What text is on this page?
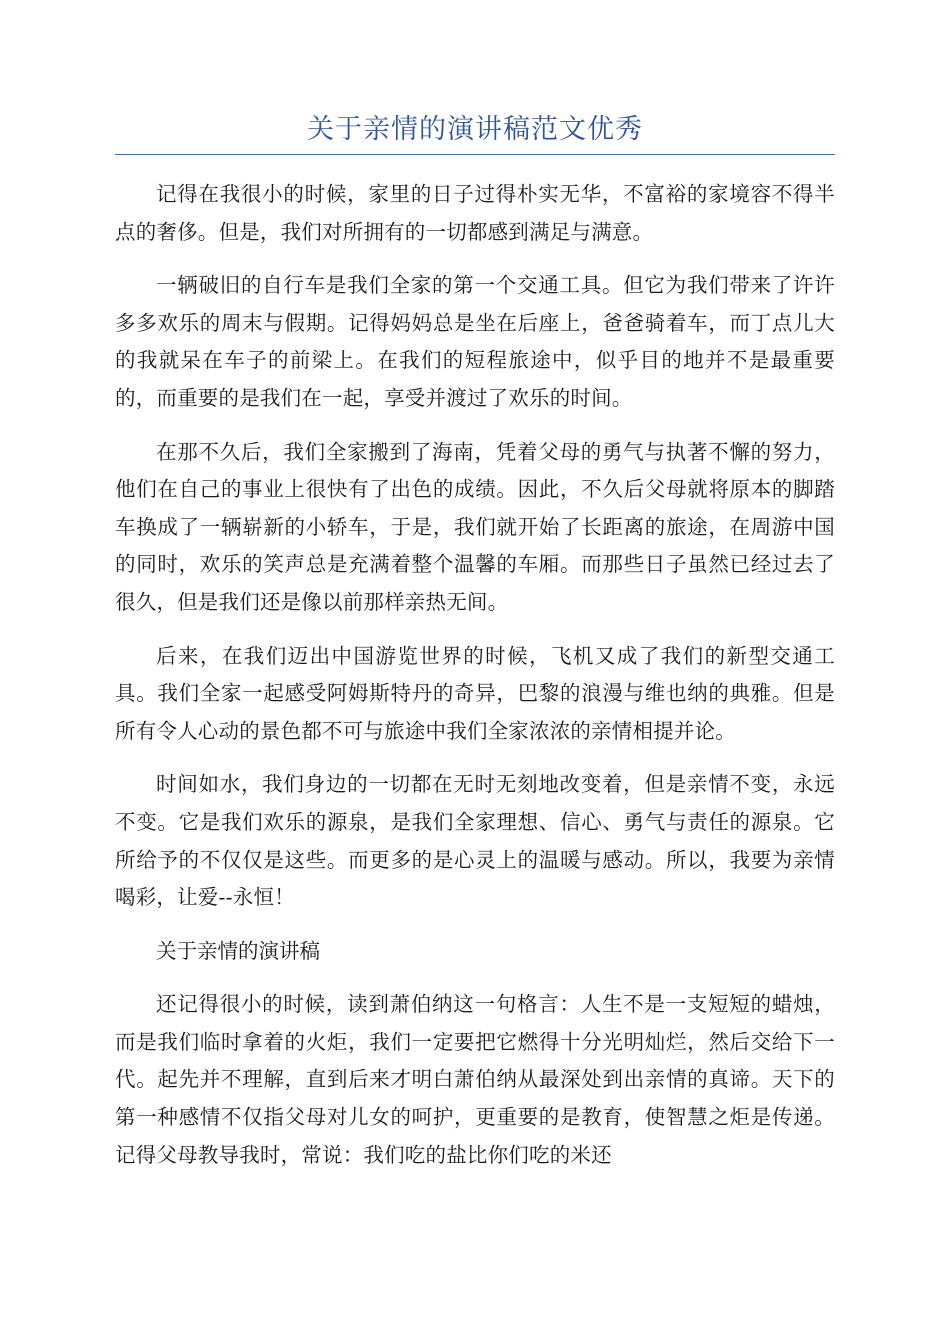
关于亲情的演讲稿范文优秀

记得在我很小的时候，家里的日子过得朴实无华，不富裕的家境容不得半点的奢侈。但是，我们对所拥有的一切都感到满足与满意。

一辆破旧的自行车是我们全家的第一个交通工具。但它为我们带来了许许多多欢乐的周末与假期。记得妈妈总是坐在后座上，爸爸骑着车，而丁点儿大的我就呆在车子的前梁上。在我们的短程旅途中，似乎目的地并不是最重要的，而重要的是我们在一起，享受并渡过了欢乐的时间。

在那不久后，我们全家搬到了海南，凭着父母的勇气与执著不懈的努力，他们在自己的事业上很快有了出色的成绩。因此，不久后父母就将原本的脚踏车换成了一辆崭新的小轿车，于是，我们就开始了长距离的旅途，在周游中国的同时，欢乐的笑声总是充满着整个温馨的车厢。而那些日子虽然已经过去了很久，但是我们还是像以前那样亲热无间。

后来，在我们迈出中国游览世界的时候，飞机又成了我们的新型交通工具。我们全家一起感受阿姆斯特丹的奇异，巴黎的浪漫与维也纳的典雅。但是所有令人心动的景色都不可与旅途中我们全家浓浓的亲情相提并论。

时间如水，我们身边的一切都在无时无刻地改变着，但是亲情不变，永远不变。它是我们欢乐的源泉，是我们全家理想、信心、勇气与责任的源泉。它所给予的不仅仅是这些。而更多的是心灵上的温暖与感动。所以，我要为亲情喝彩，让爱--永恒！

关于亲情的演讲稿

还记得很小的时候，读到萧伯纳这一句格言：人生不是一支短短的蜡烛，而是我们临时拿着的火炬，我们一定要把它燃得十分光明灿烂，然后交给下一代。起先并不理解，直到后来才明白萧伯纳从最深处到出亲情的真谛。天下的第一种感情不仅指父母对儿女的呵护，更重要的是教育，使智慧之炬是传递。记得父母教导我时，常说：我们吃的盐比你们吃的米还
